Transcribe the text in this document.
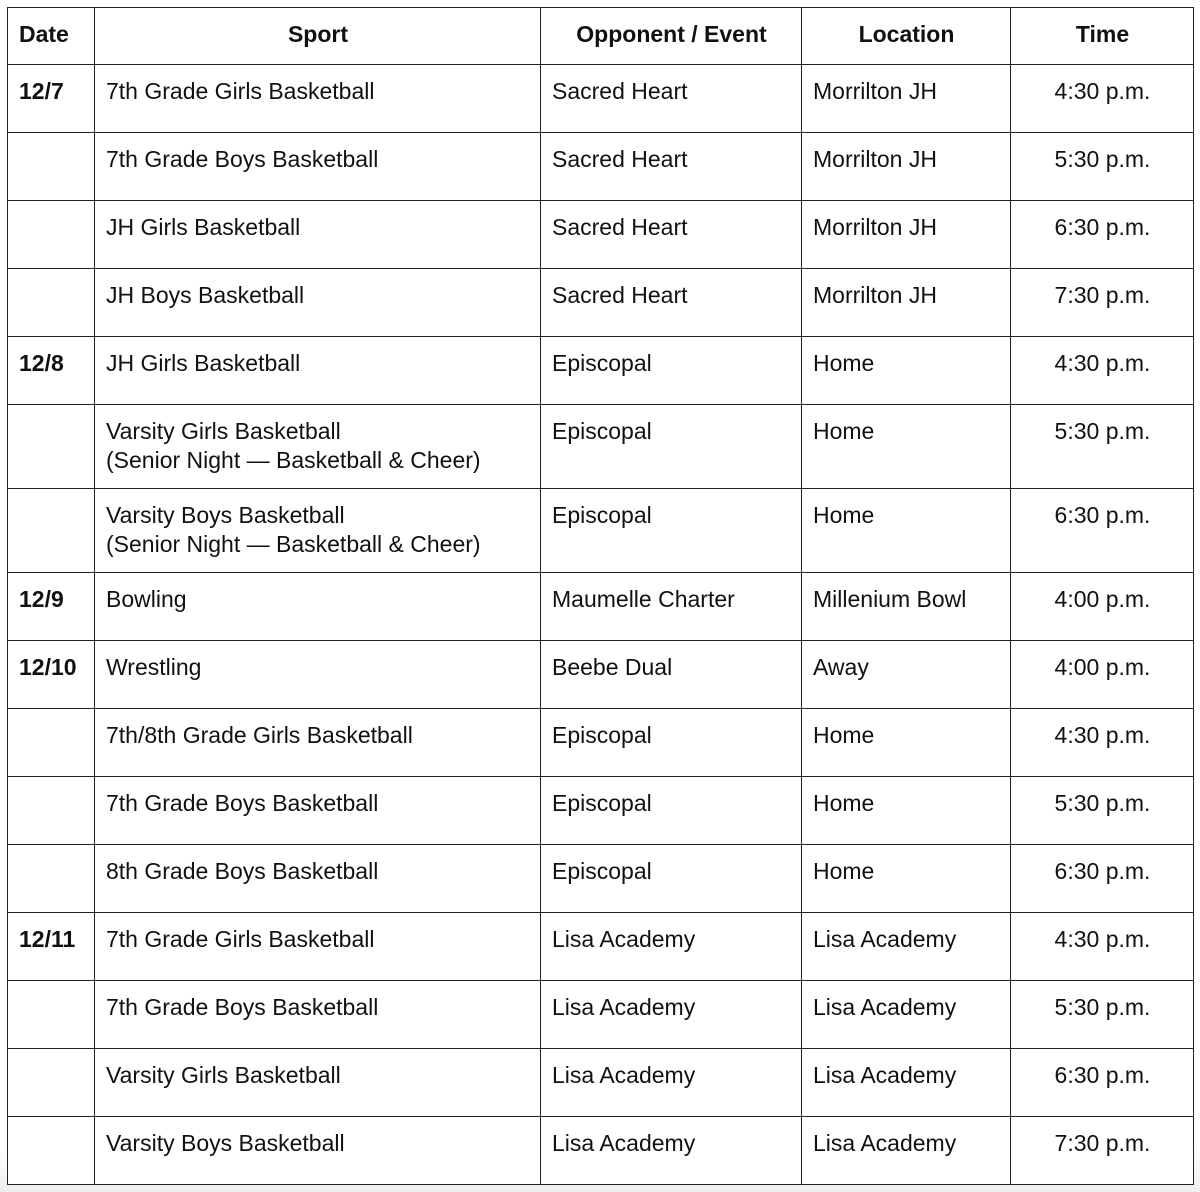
Date	Sport	Opponent / Event	Location	Time
12/7	7th Grade Girls Basketball	Sacred Heart	Morrilton JH	4:30 p.m.

	7th Grade Boys Basketball	Sacred Heart	Morrilton JH	5:30 p.m.

	JH Girls Basketball	Sacred Heart	Morrilton JH	6:30 p.m.

	JH Boys Basketball	Sacred Heart	Morrilton JH	7:30 p.m.
12/8	JH Girls Basketball	Episcopal	Home	4:30 p.m.

	Varsity Girls Basketball
(Senior Night — Basketball & Cheer)	Episcopal	Home	5:30 p.m.

	Varsity Boys Basketball
(Senior Night — Basketball & Cheer)	Episcopal	Home	6:30 p.m.
12/9	Bowling	Maumelle Charter	Millenium Bowl	4:00 p.m.
12/10	Wrestling	Beebe Dual	Away	4:00 p.m.

	7th/8th Grade Girls Basketball	Episcopal	Home	4:30 p.m.

	7th Grade Boys Basketball	Episcopal	Home	5:30 p.m.

	8th Grade Boys Basketball	Episcopal	Home	6:30 p.m.
12/11	7th Grade Girls Basketball	Lisa Academy	Lisa Academy	4:30 p.m.

	7th Grade Boys Basketball	Lisa Academy	Lisa Academy	5:30 p.m.

	Varsity Girls Basketball	Lisa Academy	Lisa Academy	6:30 p.m.

	Varsity Boys Basketball	Lisa Academy	Lisa Academy	7:30 p.m.
